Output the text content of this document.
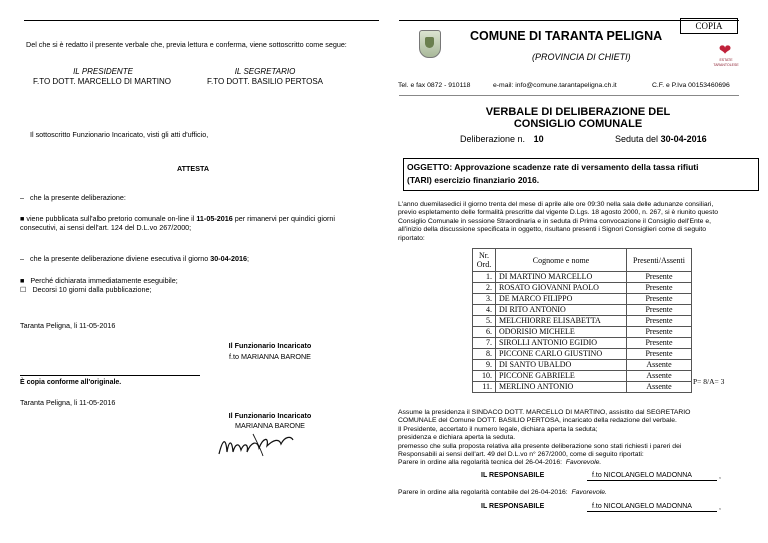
COPIA
Del che si è redatto il presente verbale che, previa lettura e conferma, viene sottoscritto come segue:
IL PRESIDENTE
F.TO DOTT. MARCELLO DI MARTINO
IL SEGRETARIO
F.TO DOTT. BASILIO PERTOSA
COMUNE DI TARANTA PELIGNA
(PROVINCIA DI CHIETI)	❤
ESTATE TARANTOLESE
Tel. e fax 0872 - 910118	e-mail: info@comune.tarantapeligna.ch.it	C.F. e P.Iva 00153460696
VERBALE DI DELIBERAZIONE DEL
CONSIGLIO COMUNALE
Deliberazione n. 10	Seduta del 30-04-2016
Il sottoscritto Funzionario Incaricato, visti gli atti d'ufficio,
ATTESTA
–   che la presente deliberazione:
■ viene pubblicata sull'albo pretorio comunale on-line il 11-05-2016 per rimanervi per quindici giorni consecutivi, ai sensi dell'art. 124 del D.L.vo 267/2000;
–   che la presente deliberazione diviene esecutiva il giorno 30-04-2016;
■   Perché dichiarata immediatamente eseguibile;
☐   Decorsi 10 giorni dalla pubblicazione;
Taranta Peligna, li 11-05-2016
Il Funzionario Incaricato
f.to MARIANNA BARONE
È copia conforme all'originale.
Taranta Peligna, li 11-05-2016
Il Funzionario Incaricato
MARIANNA BARONE
OGGETTO: Approvazione scadenze rate di versamento della tassa rifiuti
(TARI) esercizio finanziario 2016.
L'anno duemilasedici il giorno trenta del mese di aprile alle ore 09:30 nella sala delle adunanze consiliari,
previo espletamento delle formalità prescritte dal vigente D.Lgs. 18 agosto 2000, n. 267, si è riunito questo
Consiglio Comunale in sessione Straordinaria e in seduta di Prima convocazione il Consiglio dell'Ente e,
all'inizio della discussione specificata in oggetto, risultano presenti i Signori Consiglieri come di seguito
riportato:
Nr. Ord.	Cognome e nome	Presenti/Assenti
1.	DI MARTINO MARCELLO	Presente
2.	ROSATO GIOVANNI PAOLO	Presente
3.	DE MARCO FILIPPO	Presente
4.	DI RITO ANTONIO	Presente
5.	MELCHIORRE ELISABETTA	Presente
6.	ODORISIO MICHELE	Presente
7.	SIROLLI ANTONIO EGIDIO	Presente
8.	PICCONE CARLO GIUSTINO	Presente
9.	DI SANTO UBALDO	Assente
10.	PICCONE GABRIELE	Assente
11.	MERLINO ANTONIO	Assente
P= 8/A= 3
Assume la presidenza il SINDACO DOTT. MARCELLO DI MARTINO, assistito dal SEGRETARIO
COMUNALE del Comune DOTT. BASILIO PERTOSA, incaricato della redazione del verbale.
Il Presidente, accertato il numero legale, dichiara aperta la seduta;
presidenza e dichiara aperta la seduta.
premesso che sulla proposta relativa alla presente deliberazione sono stati richiesti i pareri dei
Responsabili ai sensi dell'art. 49 del D.L.vo n° 267/2000, come di seguito riportati:
Parere in ordine alla regolarità tecnica del 26-04-2016: Favorevole.
IL RESPONSABILE	f.to NICOLANGELO MADONNA	,
Parere in ordine alla regolarità contabile del 26-04-2016: Favorevole.
IL RESPONSABILE	f.to NICOLANGELO MADONNA	,
